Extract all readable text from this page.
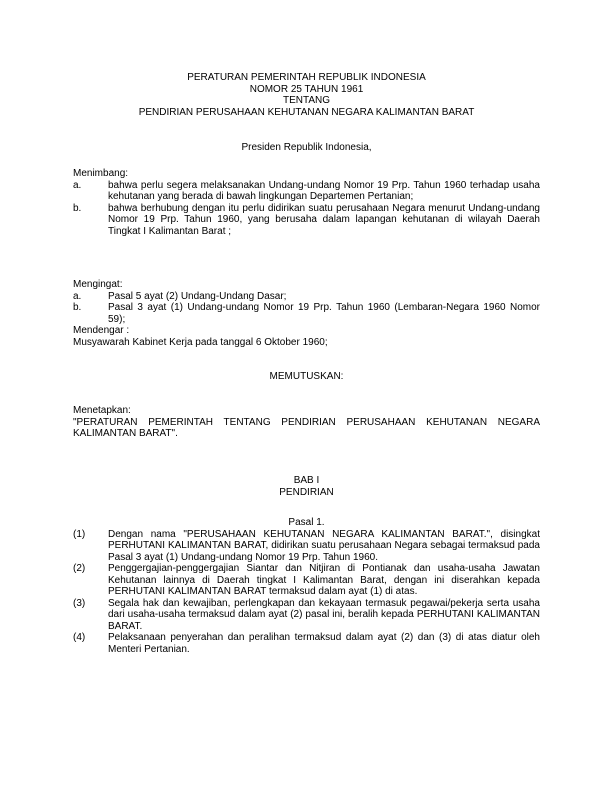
PERATURAN PEMERINTAH REPUBLIK INDONESIA
NOMOR 25 TAHUN 1961
TENTANG
PENDIRIAN PERUSAHAAN KEHUTANAN NEGARA KALIMANTAN BARAT
Presiden Republik Indonesia,
Menimbang:
a.	bahwa perlu segera melaksanakan Undang-undang Nomor 19 Prp. Tahun 1960 terhadap usaha kehutanan yang berada di bawah lingkungan Departemen Pertanian;
b.	bahwa berhubung dengan itu perlu didirikan suatu perusahaan Negara menurut Undang-undang Nomor 19 Prp. Tahun 1960, yang berusaha dalam lapangan kehutanan di wilayah Daerah Tingkat I Kalimantan Barat ;
Mengingat:
a.	Pasal 5 ayat (2) Undang-Undang Dasar;
b.	Pasal 3 ayat (1) Undang-undang Nomor 19 Prp. Tahun 1960 (Lembaran-Negara 1960 Nomor 59);
Mendengar :
Musyawarah Kabinet Kerja pada tanggal 6 Oktober 1960;
MEMUTUSKAN:
Menetapkan:
"PERATURAN PEMERINTAH TENTANG PENDIRIAN PERUSAHAAN KEHUTANAN NEGARA KALIMANTAN BARAT".
BAB I
PENDIRIAN
Pasal 1.
(1)	Dengan nama "PERUSAHAAN KEHUTANAN NEGARA KALIMANTAN BARAT.", disingkat PERHUTANI KALIMANTAN BARAT, didirikan suatu perusahaan Negara sebagai termaksud pada Pasal 3 ayat (1) Undang-undang Nomor 19 Prp. Tahun 1960.
(2)	Penggergajian-penggergajian Siantar dan Nitjiran di Pontianak dan usaha-usaha Jawatan Kehutanan lainnya di Daerah tingkat I Kalimantan Barat, dengan ini diserahkan kepada PERHUTANI KALIMANTAN BARAT termaksud dalam ayat (1) di atas.
(3)	Segala hak dan kewajiban, perlengkapan dan kekayaan termasuk pegawai/pekerja serta usaha dari usaha-usaha termaksud dalam ayat (2) pasal ini, beralih kepada PERHUTANI KALIMANTAN BARAT.
(4)	Pelaksanaan penyerahan dan peralihan termaksud dalam ayat (2) dan (3) di atas diatur oleh Menteri Pertanian.
